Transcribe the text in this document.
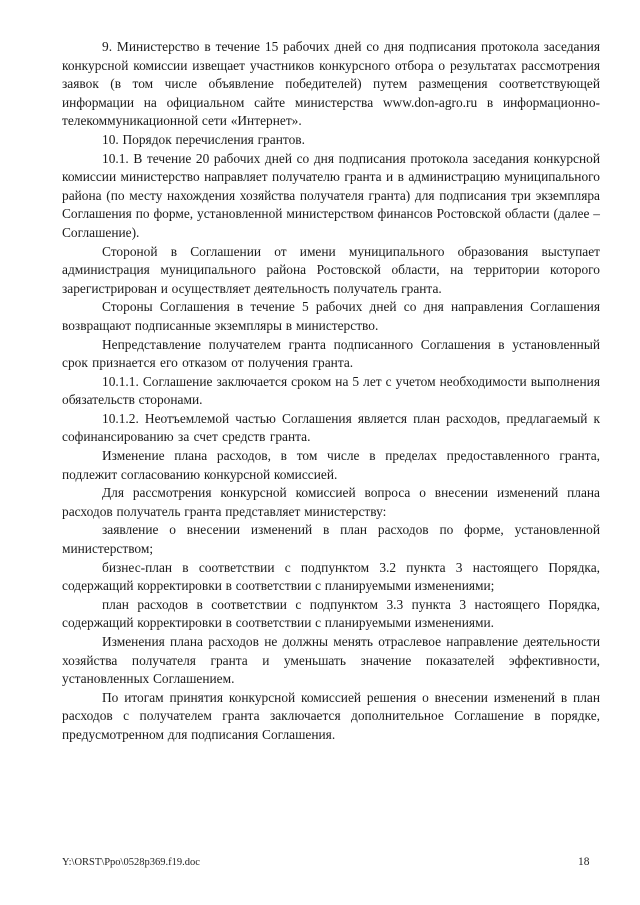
9. Министерство в течение 15 рабочих дней со дня подписания протокола заседания конкурсной комиссии извещает участников конкурсного отбора о результатах рассмотрения заявок (в том числе объявление победителей) путем размещения соответствующей информации на официальном сайте министерства www.don-agro.ru в информационно-телекоммуникационной сети «Интернет».

10. Порядок перечисления грантов.

10.1. В течение 20 рабочих дней со дня подписания протокола заседания конкурсной комиссии министерство направляет получателю гранта и в администрацию муниципального района (по месту нахождения хозяйства получателя гранта) для подписания три экземпляра Соглашения по форме, установленной министерством финансов Ростовской области (далее – Соглашение).

Стороной в Соглашении от имени муниципального образования выступает администрация муниципального района Ростовской области, на территории которого зарегистрирован и осуществляет деятельность получатель гранта.

Стороны Соглашения в течение 5 рабочих дней со дня направления Соглашения возвращают подписанные экземпляры в министерство.

Непредставление получателем гранта подписанного Соглашения в установленный срок признается его отказом от получения гранта.

10.1.1. Соглашение заключается сроком на 5 лет с учетом необходимости выполнения обязательств сторонами.

10.1.2. Неотъемлемой частью Соглашения является план расходов, предлагаемый к софинансированию за счет средств гранта.

Изменение плана расходов, в том числе в пределах предоставленного гранта, подлежит согласованию конкурсной комиссией.

Для рассмотрения конкурсной комиссией вопроса о внесении изменений плана расходов получатель гранта представляет министерству:

заявление о внесении изменений в план расходов по форме, установленной министерством;

бизнес-план в соответствии с подпунктом 3.2 пункта 3 настоящего Порядка, содержащий корректировки в соответствии с планируемыми изменениями;

план расходов в соответствии с подпунктом 3.3 пункта 3 настоящего Порядка, содержащий корректировки в соответствии с планируемыми изменениями.

Изменения плана расходов не должны менять отраслевое направление деятельности хозяйства получателя гранта и уменьшать значение показателей эффективности, установленных Соглашением.

По итогам принятия конкурсной комиссией решения о внесении изменений в план расходов с получателем гранта заключается дополнительное Соглашение в порядке, предусмотренном для подписания Соглашения.

Y:\ORST\Ppo\0528p369.f19.doc	18
